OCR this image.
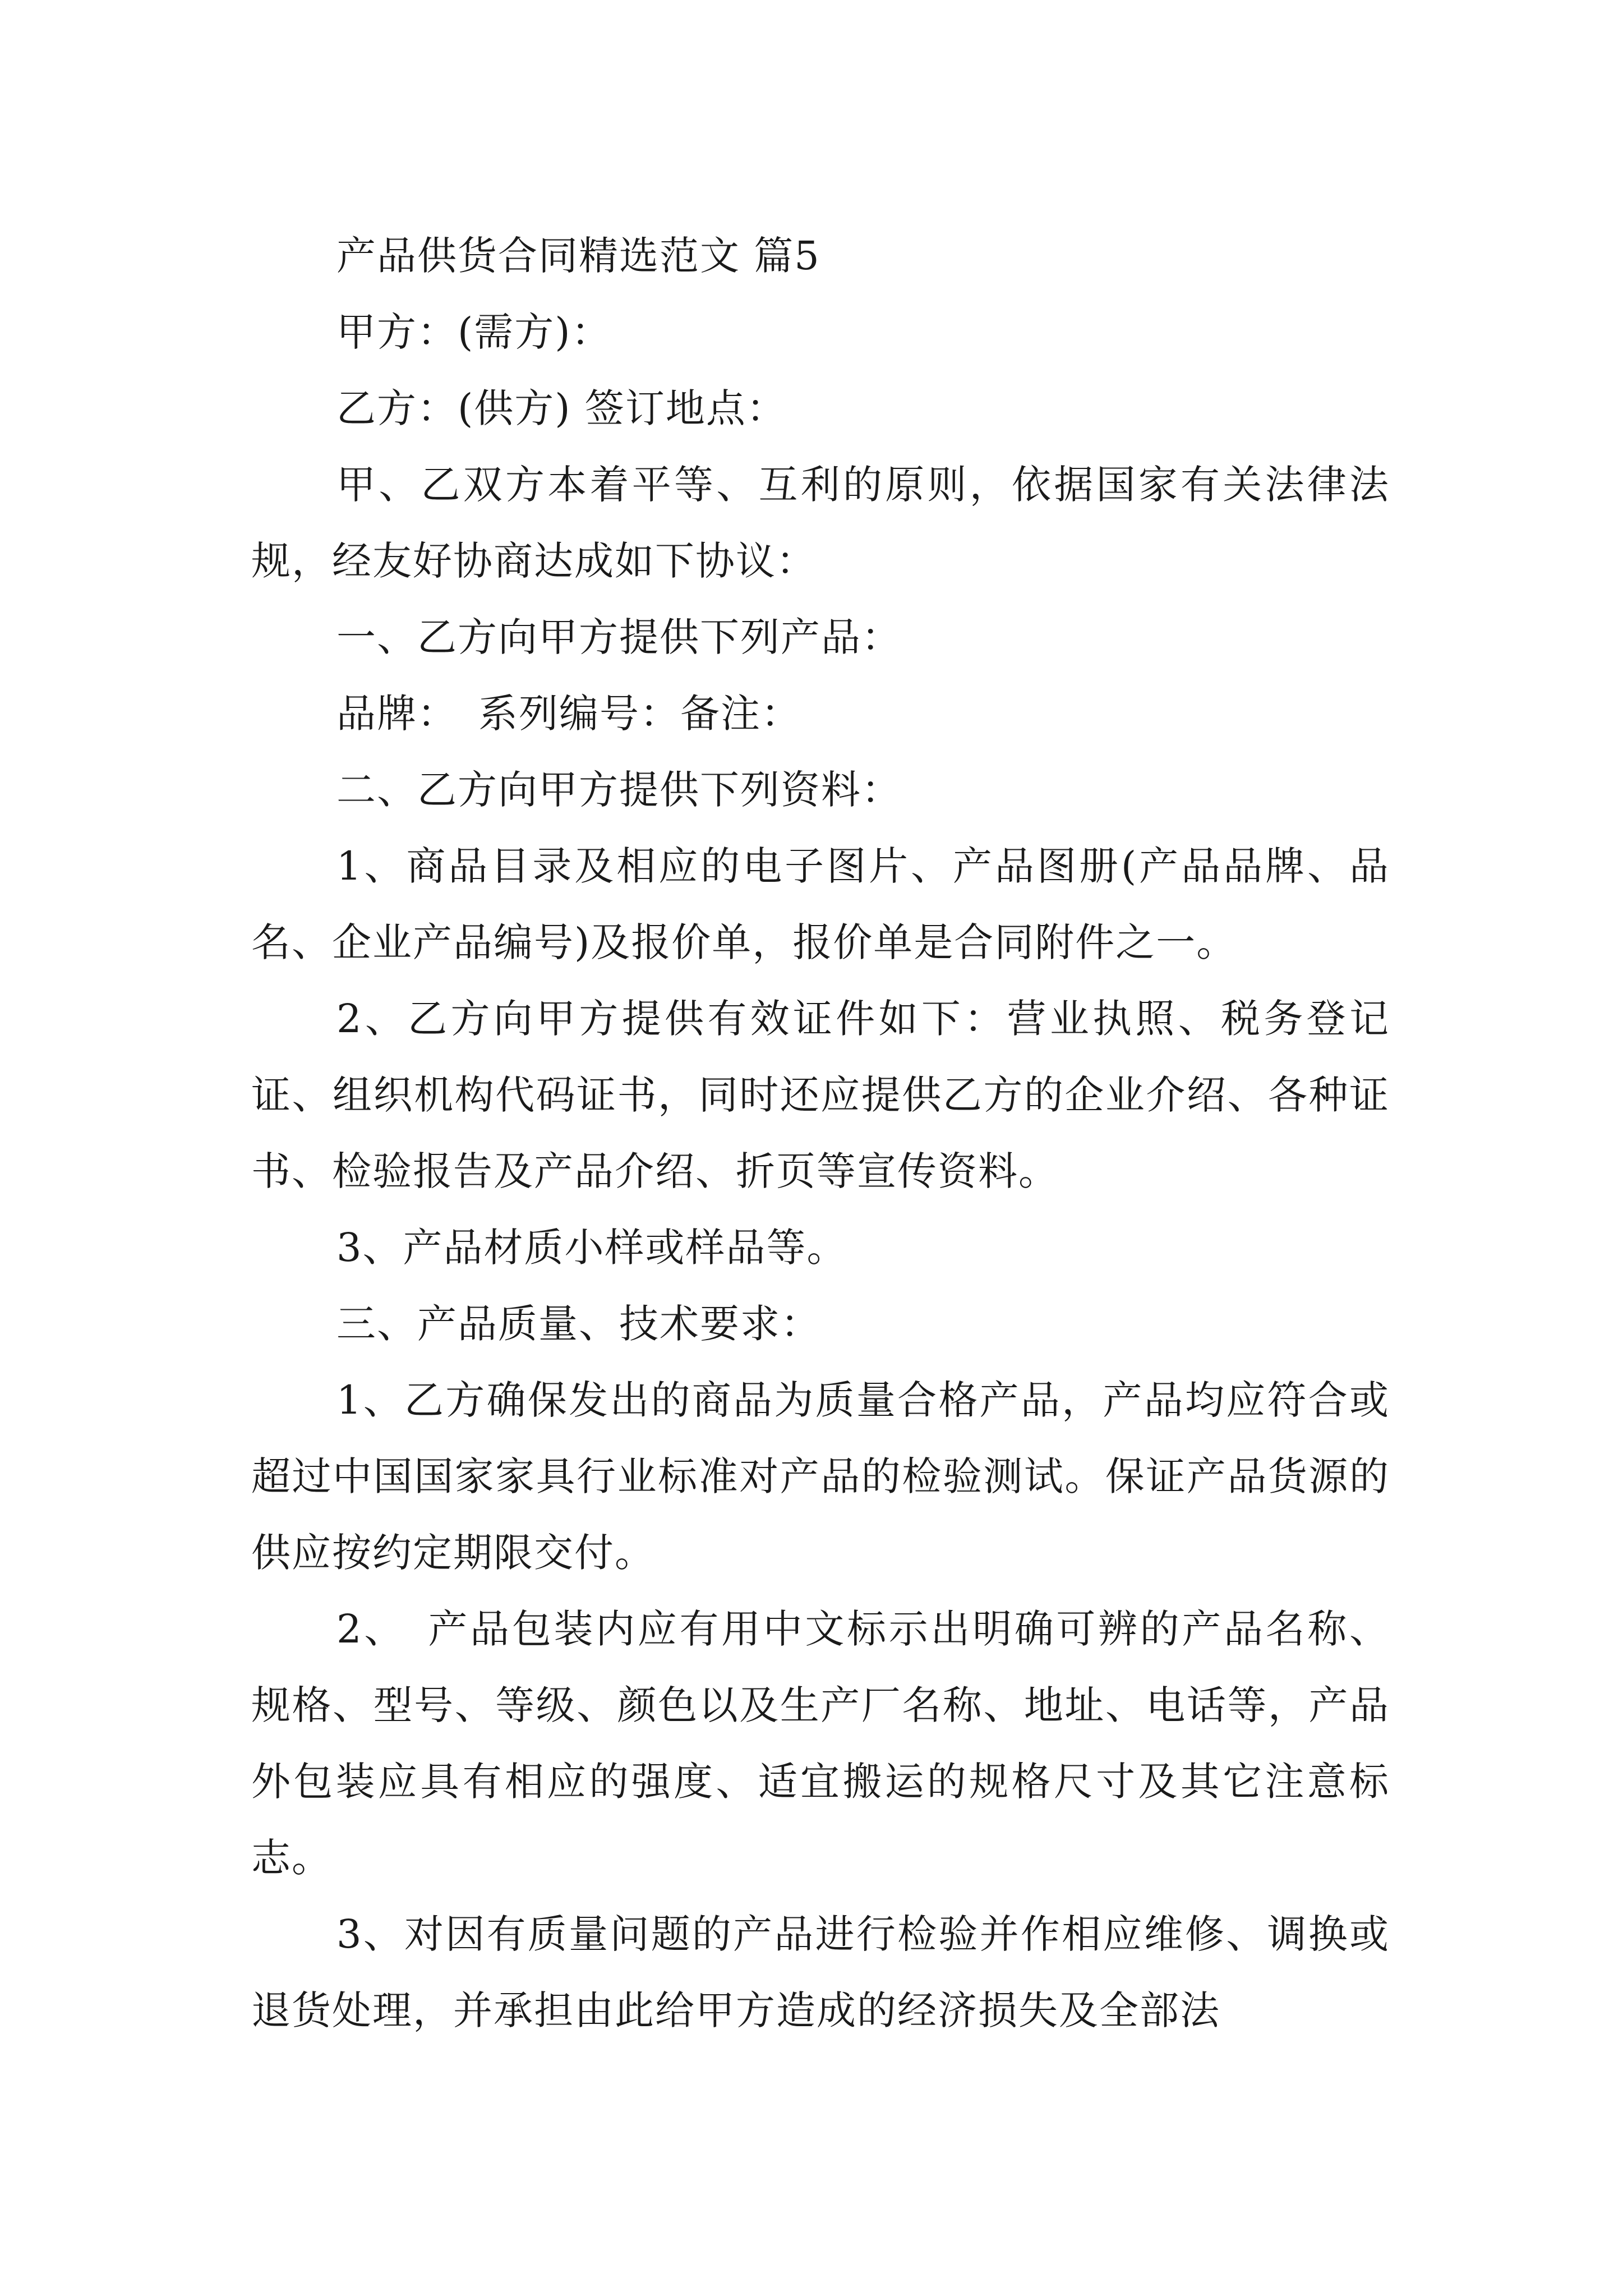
产品供货合同精选范文 篇5

甲方：(需方)：

乙方：(供方) 签订地点：

甲、乙双方本着平等、互利的原则，依据国家有关法律法规，经友好协商达成如下协议：

一、乙方向甲方提供下列产品：

品牌：　系列编号：备注：

二、乙方向甲方提供下列资料：

1、商品目录及相应的电子图片、产品图册(产品品牌、品名、企业产品编号)及报价单，报价单是合同附件之一。

2、乙方向甲方提供有效证件如下：营业执照、税务登记证、组织机构代码证书，同时还应提供乙方的企业介绍、各种证书、检验报告及产品介绍、折页等宣传资料。

3、产品材质小样或样品等。

三、产品质量、技术要求：

1、乙方确保发出的商品为质量合格产品，产品均应符合或超过中国国家家具行业标准对产品的检验测试。保证产品货源的供应按约定期限交付。

2、　产品包装内应有用中文标示出明确可辨的产品名称、规格、型号、等级、颜色以及生产厂名称、地址、电话等，产品外包装应具有相应的强度、适宜搬运的规格尺寸及其它注意标志。

3、对因有质量问题的产品进行检验并作相应维修、调换或退货处理，并承担由此给甲方造成的经济损失及全部法
